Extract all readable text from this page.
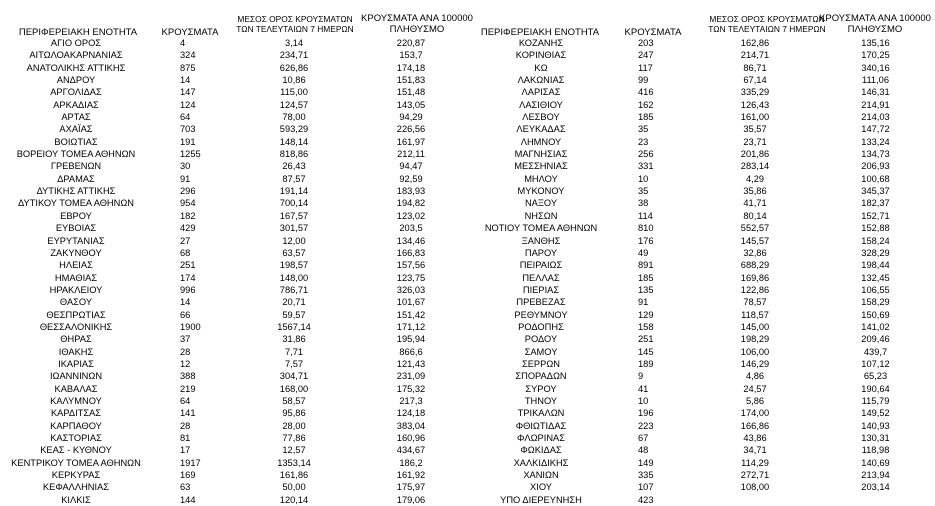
ΠΕΡΙΦΕΡΕΙΑΚΗ ΕΝΟΤΗΤΑ	ΚΡΟΥΣΜΑΤΑ
ΜΕΣΟΣ ΟΡΟΣ ΚΡΟΥΣΜΑΤΩΝ
ΤΩΝ ΤΕΛΕΥΤΑΙΩΝ 7 ΗΜΕΡΩΝ
ΚΡΟΥΣΜΑΤΑ ΑΝΑ 100000
ΠΛΗΘΥΣΜΟ	ΠΕΡΙΦΕΡΕΙΑΚΗ ΕΝΟΤΗΤΑ	ΚΡΟΥΣΜΑΤΑ
ΜΕΣΟΣ ΟΡΟΣ ΚΡΟΥΣΜΑΤΩΝ
ΤΩΝ ΤΕΛΕΥΤΑΙΩΝ 7 ΗΜΕΡΩΝ
ΚΡΟΥΣΜΑΤΑ ΑΝΑ 100000
ΠΛΗΘΥΣΜΟ
ΑΓΙΟ ΟΡΟΣ	4	3,14	220,87
ΑΙΤΩΛΟΑΚΑΡΝΑΝΙΑΣ	324	234,71	153,7
ΑΝΑΤΟΛΙΚΗΣ ΑΤΤΙΚΗΣ	875	626,86	174,18
ΑΝΔΡΟΥ	14	10,86	151,83
ΑΡΓΟΛΙΔΑΣ	147	115,00	151,48
ΑΡΚΑΔΙΑΣ	124	124,57	143,05
ΑΡΤΑΣ	64	78,00	94,29
ΑΧΑΪΑΣ	703	593,29	226,56
ΒΟΙΩΤΙΑΣ	191	148,14	161,97
ΒΟΡΕΙΟΥ ΤΟΜΕΑ ΑΘΗΝΩΝ	1255	818,86	212,11
ΓΡΕΒΕΝΩΝ	30	26,43	94,47
ΔΡΑΜΑΣ	91	87,57	92,59
ΔΥΤΙΚΗΣ ΑΤΤΙΚΗΣ	296	191,14	183,93
ΔΥΤΙΚΟΥ ΤΟΜΕΑ ΑΘΗΝΩΝ	954	700,14	194,82
ΕΒΡΟΥ	182	167,57	123,02
ΕΥΒΟΙΑΣ	429	301,57	203,5
ΕΥΡΥΤΑΝΙΑΣ	27	12,00	134,46
ΖΑΚΥΝΘΟΥ	68	63,57	166,83
ΗΛΕΙΑΣ	251	198,57	157,56
ΗΜΑΘΙΑΣ	174	148,00	123,75
ΗΡΑΚΛΕΙΟΥ	996	786,71	326,03
ΘΑΣΟΥ	14	20,71	101,67
ΘΕΣΠΡΩΤΙΑΣ	66	59,57	151,42
ΘΕΣΣΑΛΟΝΙΚΗΣ	1900	1567,14	171,12
ΘΗΡΑΣ	37	31,86	195,94
ΙΘΑΚΗΣ	28	7,71	866,6
ΙΚΑΡΙΑΣ	12	7,57	121,43
ΙΩΑΝΝΙΝΩΝ	388	304,71	231,09
ΚΑΒΑΛΑΣ	219	168,00	175,32
ΚΑΛΥΜΝΟΥ	64	58,57	217,3
ΚΑΡΔΙΤΣΑΣ	141	95,86	124,18
ΚΑΡΠΑΘΟΥ	28	28,00	383,04
ΚΑΣΤΟΡΙΑΣ	81	77,86	160,96
ΚΕΑΣ - ΚΥΘΝΟΥ	17	12,57	434,67
ΚΕΝΤΡΙΚΟΥ ΤΟΜΕΑ ΑΘΗΝΩΝ	1917	1353,14	186,2
ΚΕΡΚΥΡΑΣ	169	161,86	161,92
ΚΕΦΑΛΛΗΝΙΑΣ	63	50,00	175,97
ΚΙΛΚΙΣ	144	120,14	179,06
ΚΟΖΑΝΗΣ	203	162,86	135,16
ΚΟΡΙΝΘΙΑΣ	247	214,71	170,25
ΚΩ	117	86,71	340,16
ΛΑΚΩΝΙΑΣ	99	67,14	111,06
ΛΑΡΙΣΑΣ	416	335,29	146,31
ΛΑΣΙΘΙΟΥ	162	126,43	214,91
ΛΕΣΒΟΥ	185	161,00	214,03
ΛΕΥΚΑΔΑΣ	35	35,57	147,72
ΛΗΜΝΟΥ	23	23,71	133,24
ΜΑΓΝΗΣΙΑΣ	256	201,86	134,73
ΜΕΣΣΗΝΙΑΣ	331	283,14	206,93
ΜΗΛΟΥ	10	4,29	100,68
ΜΥΚΟΝΟΥ	35	35,86	345,37
ΝΑΞΟΥ	38	41,71	182,37
ΝΗΣΩΝ	114	80,14	152,71
ΝΟΤΙΟΥ ΤΟΜΕΑ ΑΘΗΝΩΝ	810	552,57	152,88
ΞΑΝΘΗΣ	176	145,57	158,24
ΠΑΡΟΥ	49	32,86	328,29
ΠΕΙΡΑΙΩΣ	891	688,29	198,44
ΠΕΛΛΑΣ	185	169,86	132,45
ΠΙΕΡΙΑΣ	135	122,86	106,55
ΠΡΕΒΕΖΑΣ	91	78,57	158,29
ΡΕΘΥΜΝΟΥ	129	118,57	150,69
ΡΟΔΟΠΗΣ	158	145,00	141,02
ΡΟΔΟΥ	251	198,29	209,46
ΣΑΜΟΥ	145	106,00	439,7
ΣΕΡΡΩΝ	189	146,29	107,12
ΣΠΟΡΑΔΩΝ	9	4,86	65,23
ΣΥΡΟΥ	41	24,57	190,64
ΤΗΝΟΥ	10	5,86	115,79
ΤΡΙΚΑΛΩΝ	196	174,00	149,52
ΦΘΙΩΤΙΔΑΣ	223	166,86	140,93
ΦΛΩΡΙΝΑΣ	67	43,86	130,31
ΦΩΚΙΔΑΣ	48	34,71	118,98
ΧΑΛΚΙΔΙΚΗΣ	149	114,29	140,69
ΧΑΝΙΩΝ	335	272,71	213,94
ΧΙΟΥ	107	108,00	203,14
ΥΠΟ ΔΙΕΡΕΥΝΗΣΗ	423		
